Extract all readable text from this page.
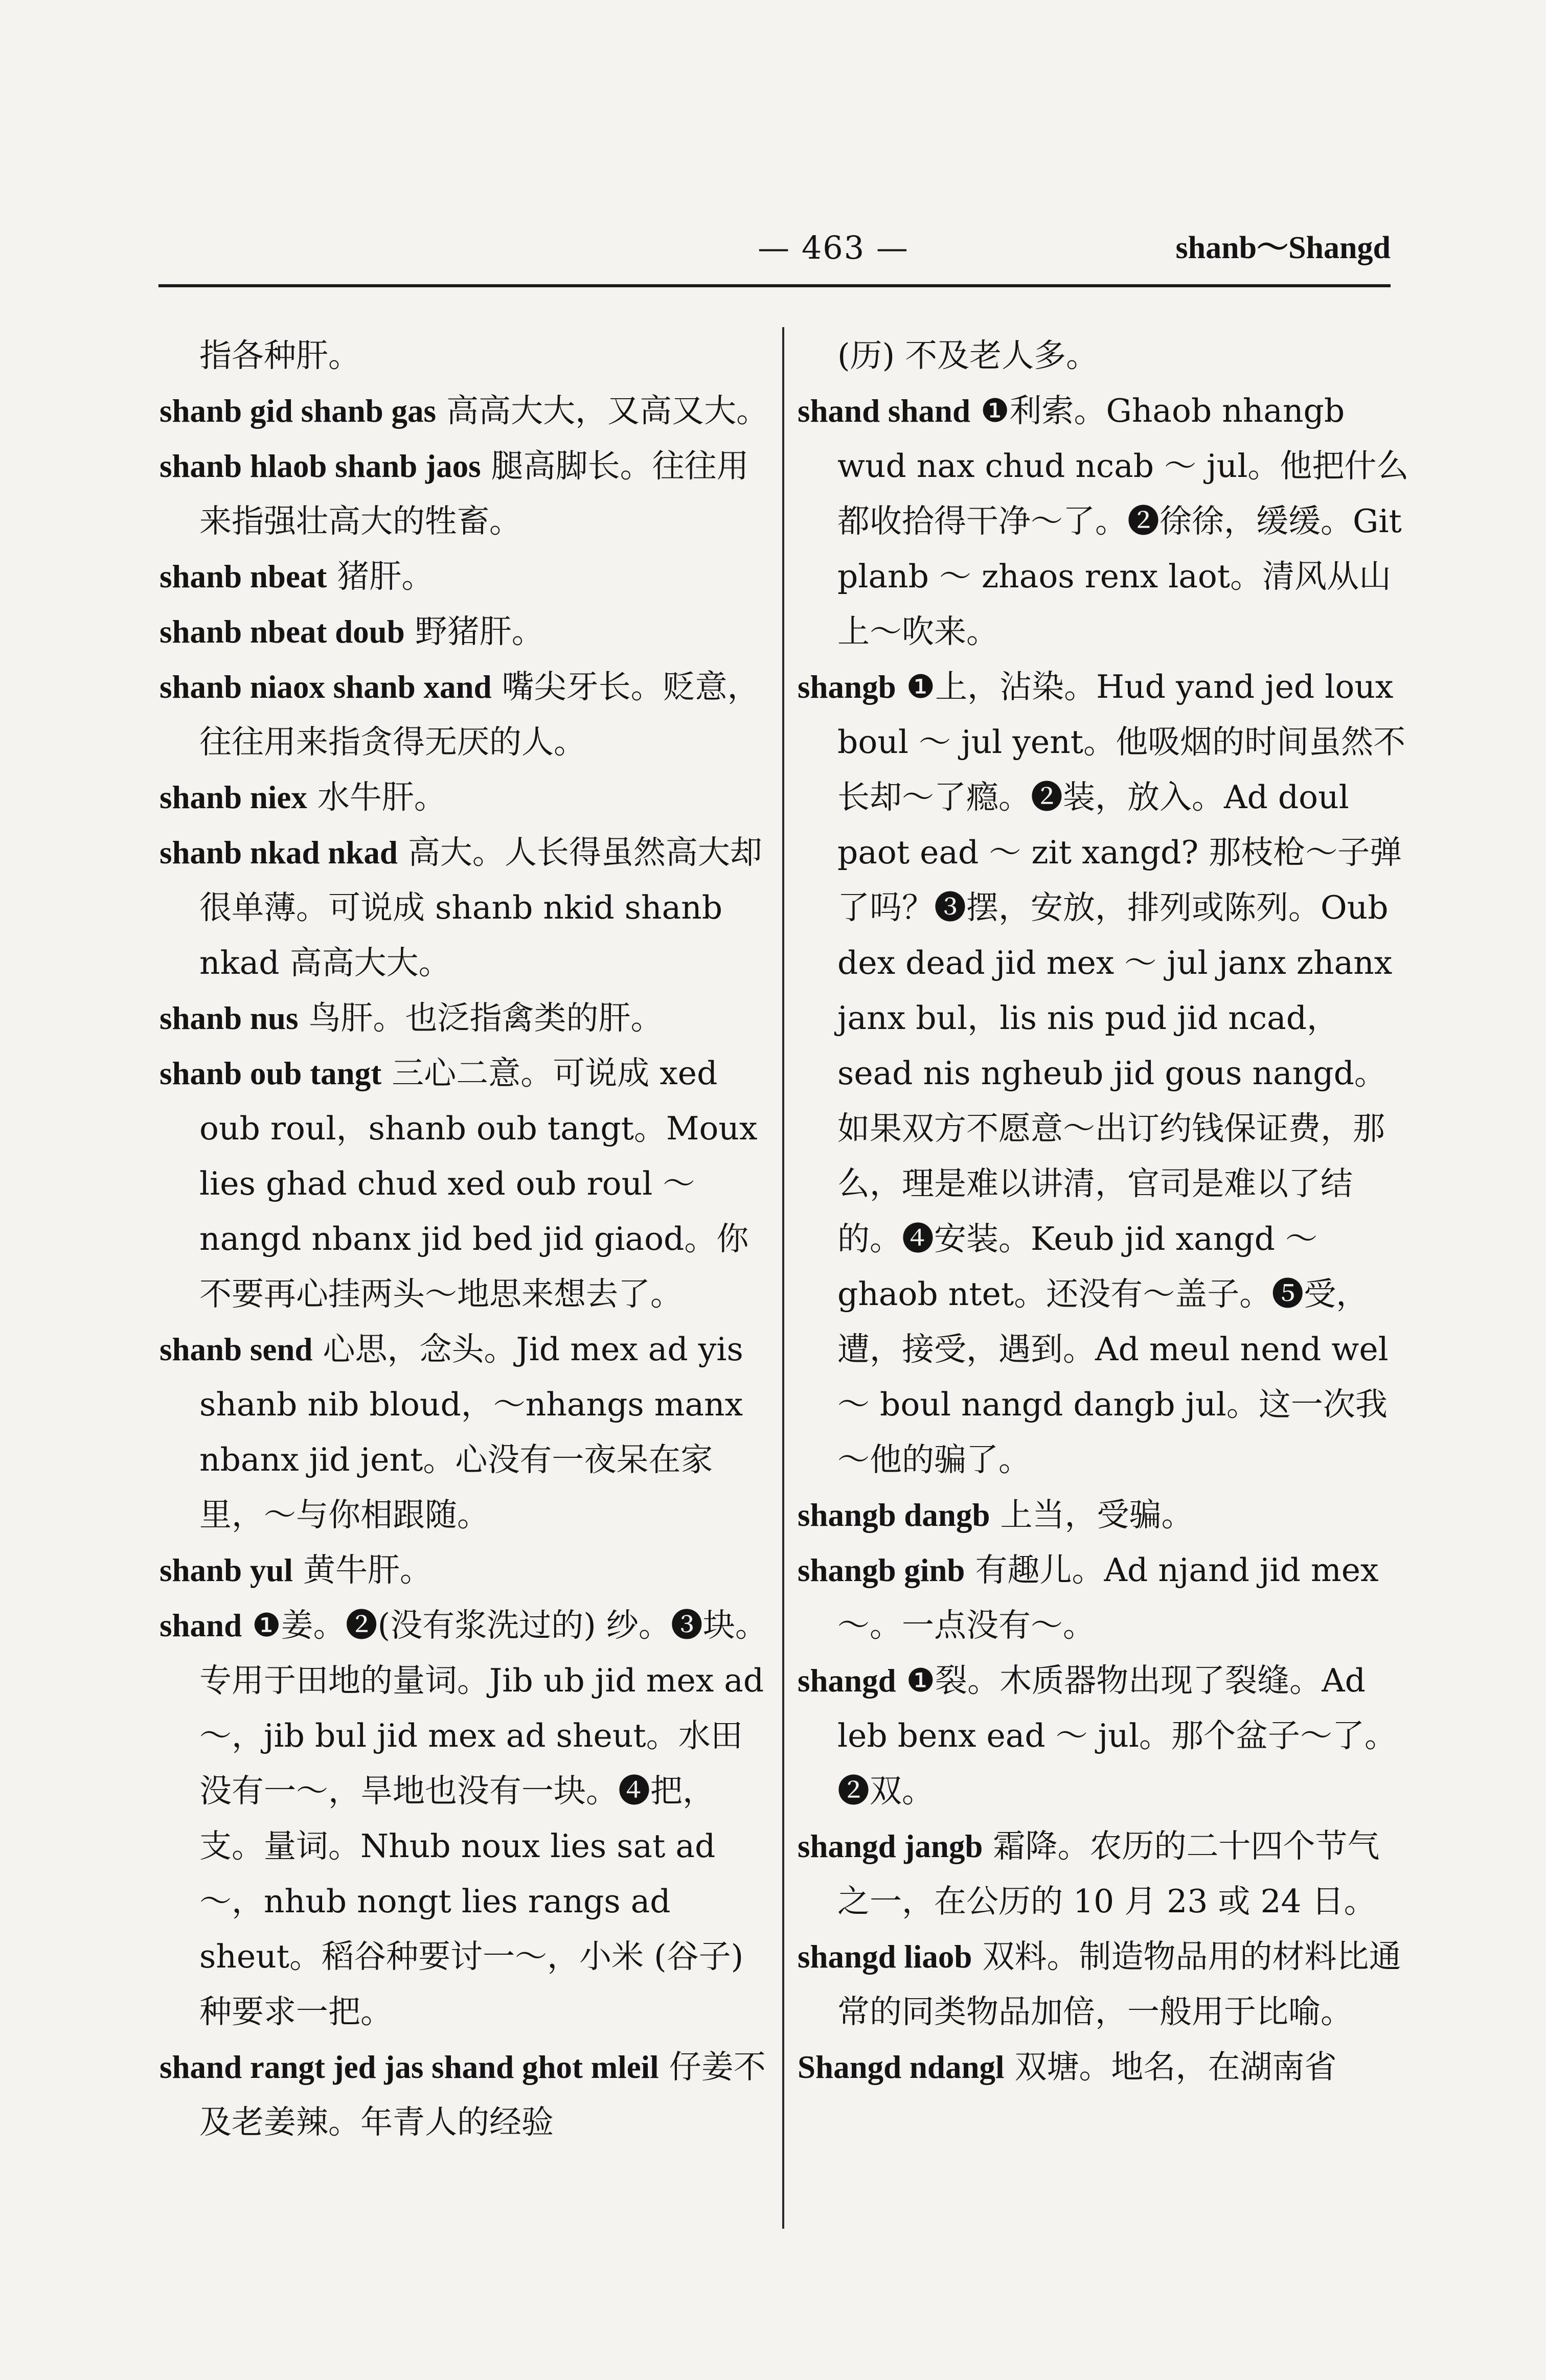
— 463 —	shanb～Shangd

指各种肝。

shanb gid shanb gas 高高大大，又高又大。

shanb hlaob shanb jaos 腿高脚长。往往用来指强壮高大的牲畜。

shanb nbeat 猪肝。

shanb nbeat doub 野猪肝。

shanb niaox shanb xand 嘴尖牙长。贬意，往往用来指贪得无厌的人。

shanb niex 水牛肝。

shanb nkad nkad 高大。人长得虽然高大却很单薄。可说成 shanb nkid shanb nkad 高高大大。

shanb nus 鸟肝。也泛指禽类的肝。

shanb oub tangt 三心二意。可说成 xed oub roul，shanb oub tangt。Moux lies ghad chud xed oub roul ～ nangd nbanx jid bed jid giaod。你不要再心挂两头～地思来想去了。

shanb send 心思，念头。Jid mex ad yis shanb nib bloud，～nhangs manx nbanx jid jent。心没有一夜呆在家里，～与你相跟随。

shanb yul 黄牛肝。

shand ❶姜。❷(没有浆洗过的) 纱。❸块。专用于田地的量词。Jib ub jid mex ad ～，jib bul jid mex ad sheut。水田没有一～，旱地也没有一块。❹把，支。量词。Nhub noux lies sat ad ～，nhub nongt lies rangs ad sheut。稻谷种要讨一～，小米 (谷子) 种要求一把。

shand rangt jed jas shand ghot mleil 仔姜不及老姜辣。年青人的经验

(历) 不及老人多。

shand shand ❶利索。Ghaob nhangb wud nax chud ncab ～ jul。他把什么都收拾得干净～了。❷徐徐，缓缓。Git planb ～ zhaos renx laot。清风从山上～吹来。

shangb ❶上，沾染。Hud yand jed loux boul ～ jul yent。他吸烟的时间虽然不长却～了瘾。❷装，放入。Ad doul paot ead ～ zit xangd? 那枝枪～子弹了吗？❸摆，安放，排列或陈列。Oub dex dead jid mex ～ jul janx zhanx janx bul，lis nis pud jid ncad，sead nis ngheub jid gous nangd。如果双方不愿意～出订约钱保证费，那么，理是难以讲清，官司是难以了结的。❹安装。Keub jid xangd ～ ghaob ntet。还没有～盖子。❺受，遭，接受，遇到。Ad meul nend wel ～ boul nangd dangb jul。这一次我～他的骗了。

shangb dangb 上当，受骗。

shangb ginb 有趣儿。Ad njand jid mex ～。一点没有～。

shangd ❶裂。木质器物出现了裂缝。Ad leb benx ead ～ jul。那个盆子～了。❷双。

shangd jangb 霜降。农历的二十四个节气之一，在公历的 10 月 23 或 24 日。

shangd liaob 双料。制造物品用的材料比通常的同类物品加倍，一般用于比喻。

Shangd ndangl 双塘。地名，在湖南省
